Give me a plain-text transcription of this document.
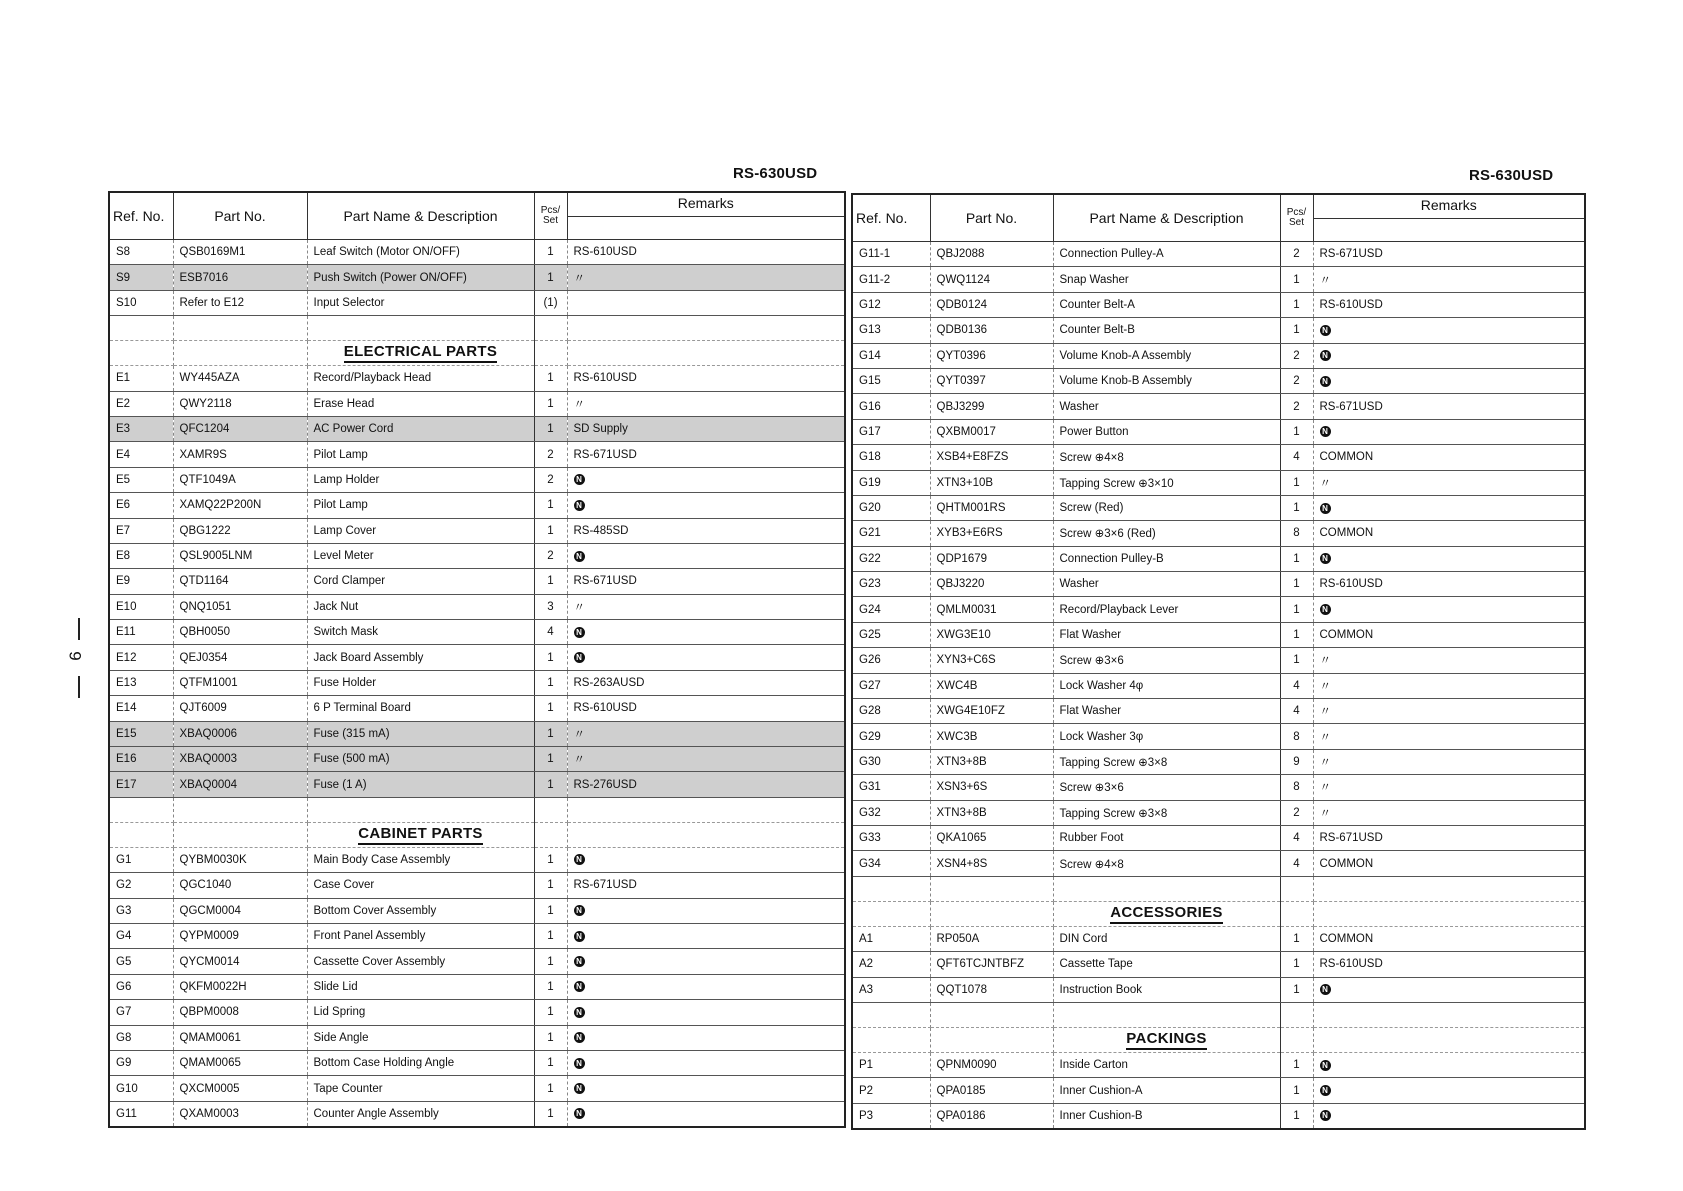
RS-630USD	RS-630USD
9
Ref. No.	Part No.	Part Name & Description	Pcs/ Set	Remarks

S8	QSB0169M1	Leaf Switch (Motor ON/OFF)	1	RS-610USD
S9	ESB7016	Push Switch (Power ON/OFF)	1	〃
S10	Refer to E12	Input Selector	(1)	

		ELECTRICAL PARTS		
E1	WY445AZA	Record/Playback Head	1	RS-610USD
E2	QWY2118	Erase Head	1	〃
E3	QFC1204	AC Power Cord	1	SD Supply
E4	XAMR9S	Pilot Lamp	2	RS-671USD
E5	QTF1049A	Lamp Holder	2	N
E6	XAMQ22P200N	Pilot Lamp	1	N
E7	QBG1222	Lamp Cover	1	RS-485SD
E8	QSL9005LNM	Level Meter	2	N
E9	QTD1164	Cord Clamper	1	RS-671USD
E10	QNQ1051	Jack Nut	3	〃
E11	QBH0050	Switch Mask	4	N
E12	QEJ0354	Jack Board Assembly	1	N
E13	QTFM1001	Fuse Holder	1	RS-263AUSD
E14	QJT6009	6 P Terminal Board	1	RS-610USD
E15	XBAQ0006	Fuse (315 mA)	1	〃
E16	XBAQ0003	Fuse (500 mA)	1	〃
E17	XBAQ0004	Fuse (1 A)	1	RS-276USD

		CABINET PARTS		
G1	QYBM0030K	Main Body Case Assembly	1	N
G2	QGC1040	Case Cover	1	RS-671USD
G3	QGCM0004	Bottom Cover Assembly	1	N
G4	QYPM0009	Front Panel Assembly	1	N
G5	QYCM0014	Cassette Cover Assembly	1	N
G6	QKFM0022H	Slide Lid	1	N
G7	QBPM0008	Lid Spring	1	N
G8	QMAM0061	Side Angle	1	N
G9	QMAM0065	Bottom Case Holding Angle	1	N
G10	QXCM0005	Tape Counter	1	N
G11	QXAM0003	Counter Angle Assembly	1	N
Ref. No.	Part No.	Part Name & Description	Pcs/ Set	Remarks

G11-1	QBJ2088	Connection Pulley-A	2	RS-671USD
G11-2	QWQ1124	Snap Washer	1	〃
G12	QDB0124	Counter Belt-A	1	RS-610USD
G13	QDB0136	Counter Belt-B	1	N
G14	QYT0396	Volume Knob-A Assembly	2	N
G15	QYT0397	Volume Knob-B Assembly	2	N
G16	QBJ3299	Washer	2	RS-671USD
G17	QXBM0017	Power Button	1	N
G18	XSB4+E8FZS	Screw ⊕4×8	4	COMMON
G19	XTN3+10B	Tapping Screw ⊕3×10	1	〃
G20	QHTM001RS	Screw (Red)	1	N
G21	XYB3+E6RS	Screw ⊕3×6 (Red)	8	COMMON
G22	QDP1679	Connection Pulley-B	1	N
G23	QBJ3220	Washer	1	RS-610USD
G24	QMLM0031	Record/Playback Lever	1	N
G25	XWG3E10	Flat Washer	1	COMMON
G26	XYN3+C6S	Screw ⊕3×6	1	〃
G27	XWC4B	Lock Washer 4φ	4	〃
G28	XWG4E10FZ	Flat Washer	4	〃
G29	XWC3B	Lock Washer 3φ	8	〃
G30	XTN3+8B	Tapping Screw ⊕3×8	9	〃
G31	XSN3+6S	Screw ⊕3×6	8	〃
G32	XTN3+8B	Tapping Screw ⊕3×8	2	〃
G33	QKA1065	Rubber Foot	4	RS-671USD
G34	XSN4+8S	Screw ⊕4×8	4	COMMON

		ACCESSORIES		
A1	RP050A	DIN Cord	1	COMMON
A2	QFT6TCJNTBFZ	Cassette Tape	1	RS-610USD
A3	QQT1078	Instruction Book	1	N

		PACKINGS		
P1	QPNM0090	Inside Carton	1	N
P2	QPA0185	Inner Cushion-A	1	N
P3	QPA0186	Inner Cushion-B	1	N
